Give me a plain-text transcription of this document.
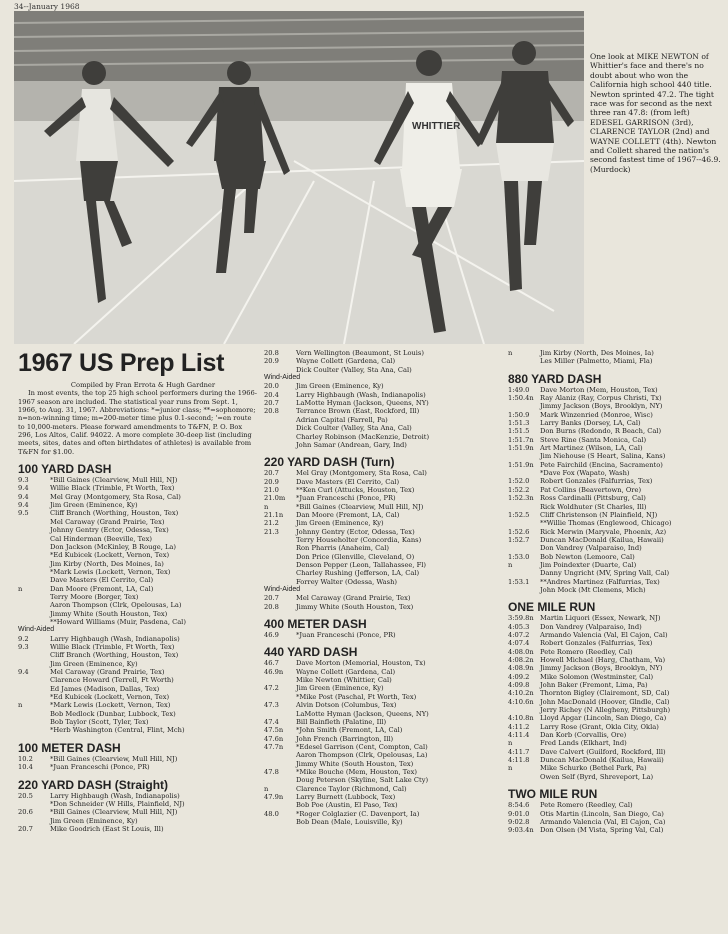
34--January 1968
WHITTIER
One look at MIKE NEWTON of Whittier's face and there's no doubt about who won the California high school 440 title. Newton sprinted 47.2. The tight race was for second as the next three ran 47.8: (from left) EDESEL GARRISON (3rd), CLARENCE TAYLOR (2nd) and WAYNE COLLETT (4th). Newton and Collett shared the nation's second fastest time of 1967--46.9. (Murdock)
1967 US Prep List

Compiled by Fran Errota & Hugh Gardner

In most events, the top 25 high school performers during the 1966-1967 season are included. The statistical year runs from Sept. 1, 1966, to Aug. 31, 1967. Abbreviations: *=junior class; **=sophomore; n=non-winning time; m=200-meter time plus 0.1-second; '=en route to 10,000-meters. Please forward amendments to T&FN, P. O. Box 296, Los Altos, Calif. 94022. A more complete 30-deep list (including meets, sites, dates and often birthdates of athletes) is available from T&FN for $1.00.

100 YARD DASH
9.3	*Bill Gaines (Clearview, Mull Hill, NJ)
9.4	Willie Black (Trimble, Ft Worth, Tex)
9.4	Mel Gray (Montgomery, Sta Rosa, Cal)
9.4	Jim Green (Eminence, Ky)
9.5	Cliff Branch (Worthing, Houston, Tex)
Mel Caraway (Grand Prairie, Tex)
Johnny Gentry (Ector, Odessa, Tex)
Cal Hinderman (Beeville, Tex)
Don Jackson (McKinley, B Rouge, La)
*Ed Kubicek (Lockett, Vernon, Tex)
Jim Kirby (North, Des Moines, Ia)
*Mark Lewis (Lockett, Vernon, Tex)
Dave Masters (El Cerrito, Cal)
n	Dan Moore (Fremont, LA, Cal)
Terry Moore (Borger, Tex)
Aaron Thompson (Clrk, Opelousas, La)
Jimmy White (South Houston, Tex)
**Howard Williams (Muir, Pasdena, Cal)
Wind-Aided
9.2	Larry Highbaugh (Wash, Indianapolis)
9.3	Willie Black (Trimble, Ft Worth, Tex)
Cliff Branch (Worthing, Houston, Tex)
Jim Green (Eminence, Ky)
9.4	Mel Caraway (Grand Prairie, Tex)
Clarence Howard (Terrell, Ft Worth)
Ed James (Madison, Dallas, Tex)
*Ed Kubicek (Lockett, Vernon, Tex)
n	*Mark Lewis (Lockett, Vernon, Tex)
Bob Medlock (Dunbar, Lubbock, Tex)
Bob Taylor (Scott, Tyler, Tex)
*Herb Washington (Central, Flint, Mch)
100 METER DASH
10.2	*Bill Gaines (Clearview, Mull Hill, NJ)
10.4	*Juan Franceschi (Ponce, PR)
220 YARD DASH (Straight)
20.5	Larry Highbaugh (Wash, Indianapolis)
*Don Schneider (W Hills, Plainfield, NJ)
20.6	*Bill Gaines (Clearview, Mull Hill, NJ)
Jim Green (Eminence, Ky)
20.7	Mike Goodrich (East St Louis, Ill)
20.8	Vern Wellington (Beaumont, St Louis)
20.9	Wayne Collett (Gardena, Cal)
Dick Coulter (Valley, Sta Ana, Cal)
Wind-Aided
20.0	Jim Green (Eminence, Ky)
20.4	Larry Highbaugh (Wash, Indianapolis)
20.7	LaMotte Hyman (Jackson, Queens, NY)
20.8	Terrance Brown (East, Rockford, Ill)
Adrian Capital (Farrell, Pa)
Dick Coulter (Valley, Sta Ana, Cal)
Charley Robinson (MacKenzie, Detroit)
John Samar (Andrean, Gary, Ind)
220 YARD DASH (Turn)
20.7	Mel Gray (Montgomery, Sta Rosa, Cal)
20.9	Dave Masters (El Cerrito, Cal)
21.0	**Ken Curl (Attucks, Houston, Tex)
21.0m	*Juan Franceschi (Ponce, PR)
n	*Bill Gaines (Clearview, Mull Hill, NJ)
21.1n	Dan Moore (Fremont, LA, Cal)
21.2	Jim Green (Eminence, Ky)
21.3	Johnny Gentry (Ector, Odessa, Tex)
Terry Householter (Concordia, Kans)
Ron Pharris (Anaheim, Cal)
Don Price (Glenville, Cleveland, O)
Denson Pepper (Leon, Tallahassee, Fl)
Charley Rushing (Jefferson, LA, Cal)
Forrey Walter (Odessa, Wash)
Wind-Aided
20.7	Mel Caraway (Grand Prairie, Tex)
20.8	Jimmy White (South Houston, Tex)
400 METER DASH
46.9	*Juan Franceschi (Ponce, PR)
440 YARD DASH
46.7	Dave Morton (Memorial, Houston, Tx)
46.9n	Wayne Collett (Gardena, Cal)
Mike Newton (Whittier, Cal)
47.2	Jim Green (Eminence, Ky)
*Mike Post (Paschal, Ft Worth, Tex)
47.3	Alvin Dotson (Columbus, Tex)
LaMotte Hyman (Jackson, Queens, NY)
47.4	Bill Bainfleth (Palatine, Ill)
47.5n	*John Smith (Fremont, LA, Cal)
47.6n	John French (Barrington, Ill)
47.7n	*Edesel Garrison (Cent, Compton, Cal)
Aaron Thompson (Clrk, Opelousas, La)
Jimmy White (South Houston, Tex)
47.8	*Mike Bouche (Mem, Houston, Tex)
Doug Peterson (Skyline, Salt Lake Cty)
n	Clarence Taylor (Richmond, Cal)
47.9n	Larry Burnett (Lubbock, Tex)
Bob Poe (Austin, El Paso, Tex)
48.0	*Roger Colglazier (C. Davenport, Ia)
Bob Dean (Male, Louisville, Ky)
n	Jim Kirby (North, Des Moines, Ia)
Les Miller (Palmetto, Miami, Fla)
880 YARD DASH
1:49.0	Dave Morton (Mem, Houston, Tex)
1:50.4n Ray Alaniz (Ray, Corpus Christi, Tx)
Jimmy Jackson (Boys, Brooklyn, NY)
1:50.9	Mark Winzenried (Monroe, Wisc)
1:51.3	Larry Banks (Dorsey, LA, Cal)
1:51.5	Don Burns (Redondo, R Beach, Cal)
1:51.7n Steve Rine (Santa Monica, Cal)
1:51.9n Art Martinez (Wilson, LA, Cal)
Jim Niehouse (S Heart, Salina, Kans)
1:51.9n Pete Fairchild (Encina, Sacramento)
*Dave Fox (Wapato, Wash)
1:52.0	Robert Gonzales (Falfurrias, Tex)
1:52.2	Pat Collins (Beavertown, Ore)
1:52.3n Ross Cardinalli (Pittsburg, Cal)
Rick Woldhuter (St Charles, Ill)
1:52.5	Cliff Christenson (N Plainfield, NJ)
**Willie Thomas (Englewood, Chicago)
1:52.6	Rick Merwin (Maryvale, Phoenix, Az)
1:52.7	Duncan MacDonald (Kailua, Hawaii)
Don Vandrey (Valparaiso, Ind)
1:53.0	Bob Newton (Lemoore, Cal)
n	Jim Poindexter (Duarte, Cal)
Danny Ungricht (MV, Spring Vall, Cal)
1:53.1	**Andres Martinez (Falfurrias, Tex)
John Mock (Mt Clemens, Mich)
ONE MILE RUN
3:59.8n Martin Liquori (Essex, Newark, NJ)
4:05.3	Don Vandrey (Valparaiso, Ind)
4:07.2	Armando Valencia (Val, El Cajon, Cal)
4:07.4	Robert Gonzales (Falfurrias, Tex)
4:08.0n Pete Romero (Reedley, Cal)
4:08.2n Howell Michael (Harg, Chatham, Va)
4:08.9n Jimmy Jackson (Boys, Brooklyn, NY)
4:09.2	Mike Solomon (Westminster, Cal)
4:09.8	John Baker (Fremont, Lima, Pa)
4:10.2n Thornton Bigley (Clairemont, SD, Cal)
4:10.6n John MacDonald (Hoover, Glndle, Cal)
Jerry Richey (N Allegheny, Pittsburgh)
4:10.8n Lloyd Apgar (Lincoln, San Diego, Ca)
4:11.2	Larry Rose (Grant, Okla City, Okla)
4:11.4	Dan Korb (Corvallis, Ore)
n	Fred Lands (Elkhart, Ind)
4:11.7	Dave Calvert (Guilford, Rockford, Ill)
4:11.8	Duncan MacDonald (Kailua, Hawaii)
n	Mike Schurko (Bethel Park, Pa)
Owen Self (Byrd, Shreveport, La)
TWO MILE RUN
8:54.6	Pete Romero (Reedley, Cal)
9:01.0	Otis Martin (Lincoln, San Diego, Ca)
9:02.8	Armando Valencia (Val, El Cajon, Ca)
9:03.4n Don Olsen (M Vista, Spring Val, Cal)
